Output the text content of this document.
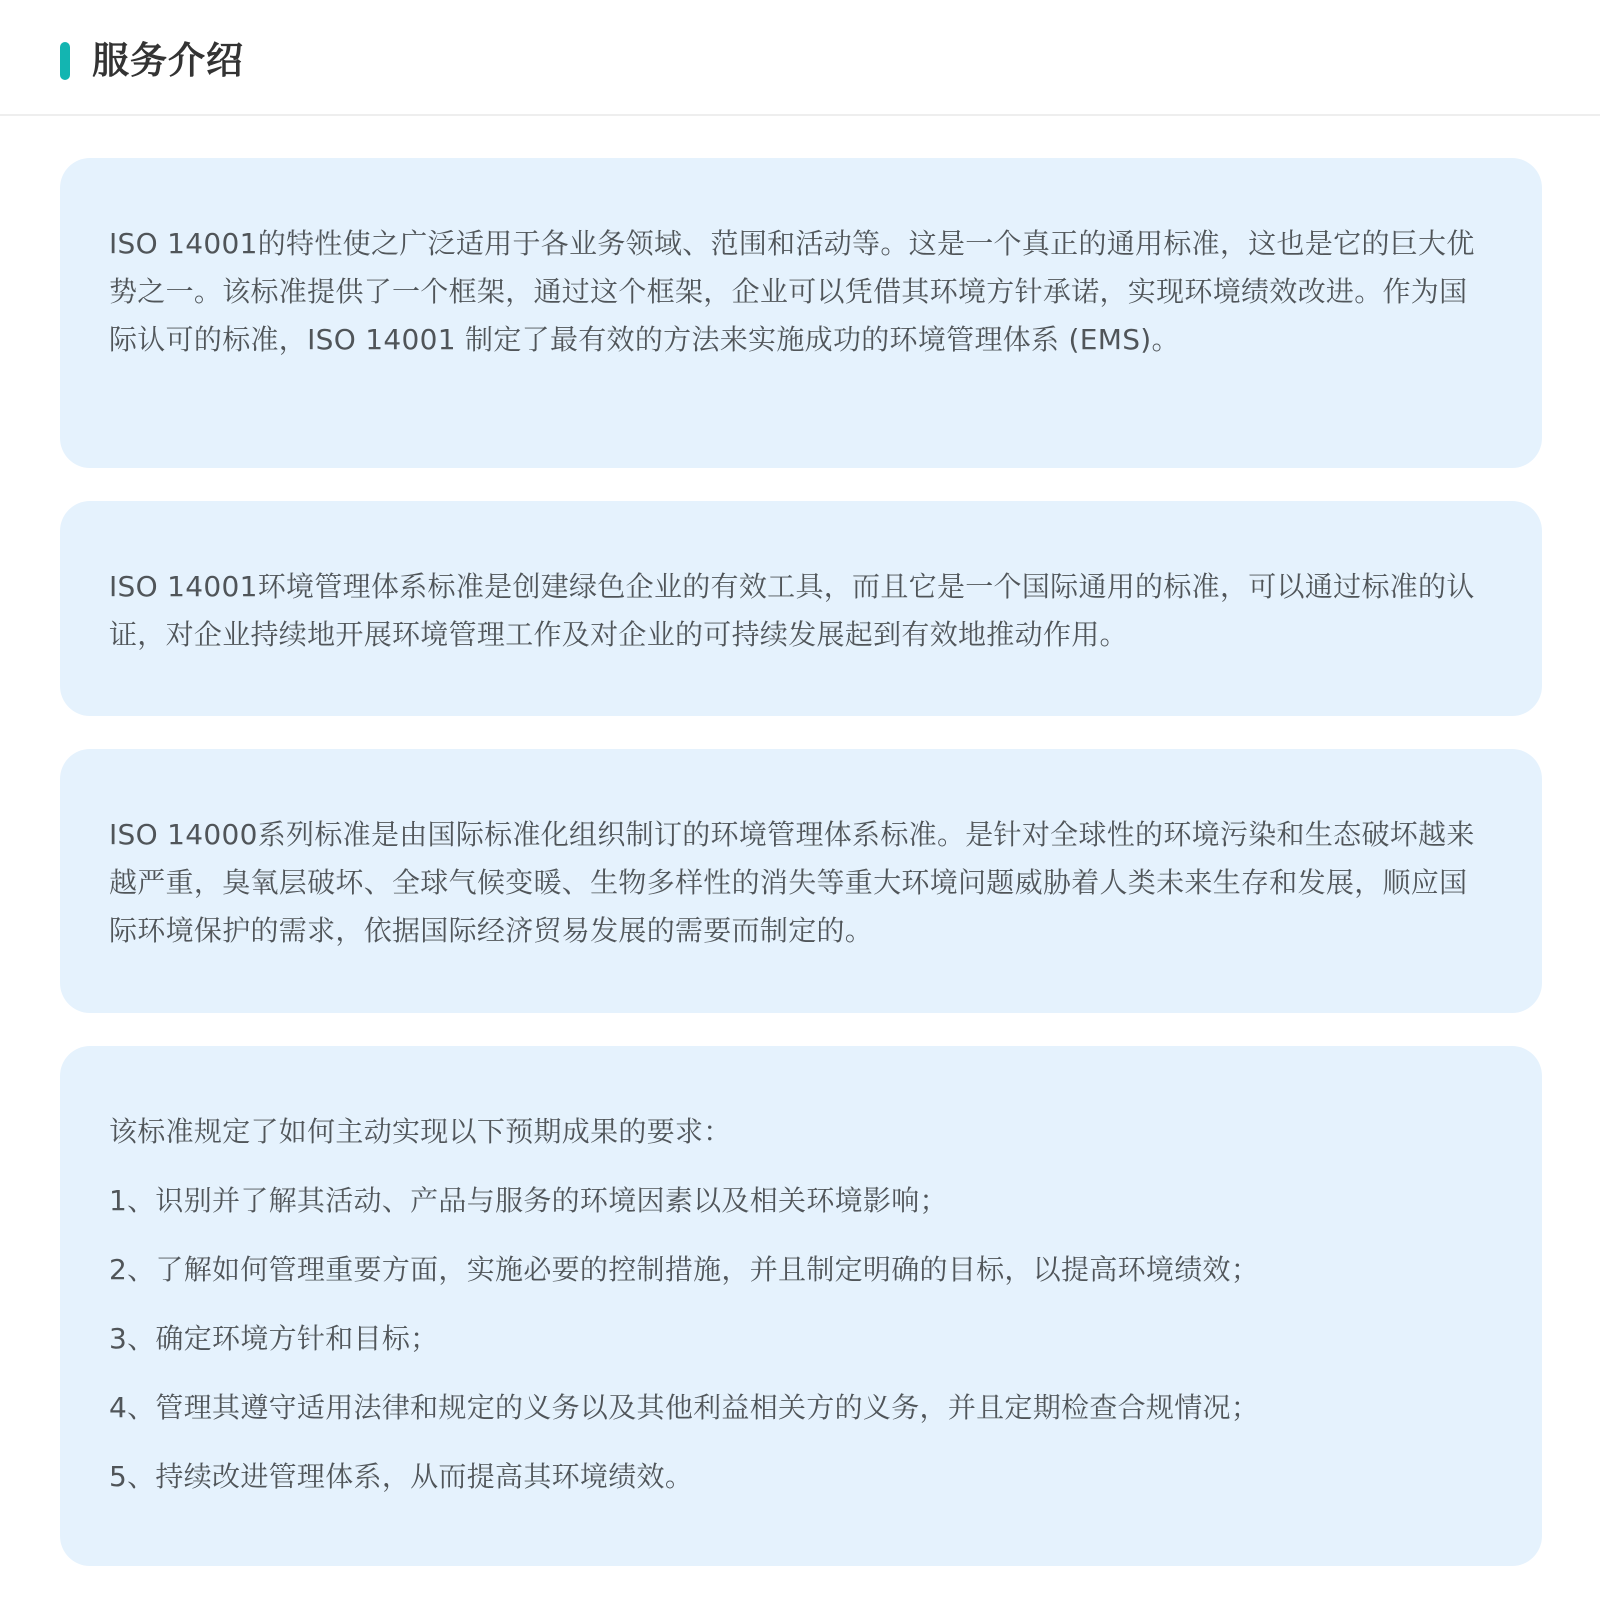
服务介绍

ISO 14001的特性使之广泛适用于各业务领域、范围和活动等。这是一个真正的通用标准，这也是它的巨大优势之一。该标准提供了一个框架，通过这个框架，企业可以凭借其环境方针承诺，实现环境绩效改进。作为国际认可的标准，ISO 14001 制定了最有效的方法来实施成功的环境管理体系 (EMS)。

ISO 14001环境管理体系标准是创建绿色企业的有效工具，而且它是一个国际通用的标准，可以通过标准的认证，对企业持续地开展环境管理工作及对企业的可持续发展起到有效地推动作用。

ISO 14000系列标准是由国际标准化组织制订的环境管理体系标准。是针对全球性的环境污染和生态破坏越来越严重，臭氧层破坏、全球气候变暖、生物多样性的消失等重大环境问题威胁着人类未来生存和发展，顺应国际环境保护的需求，依据国际经济贸易发展的需要而制定的。

该标准规定了如何主动实现以下预期成果的要求：

1、识别并了解其活动、产品与服务的环境因素以及相关环境影响；

2、了解如何管理重要方面，实施必要的控制措施，并且制定明确的目标，以提高环境绩效；

3、确定环境方针和目标；

4、管理其遵守适用法律和规定的义务以及其他利益相关方的义务，并且定期检查合规情况；

5、持续改进管理体系，从而提高其环境绩效。
